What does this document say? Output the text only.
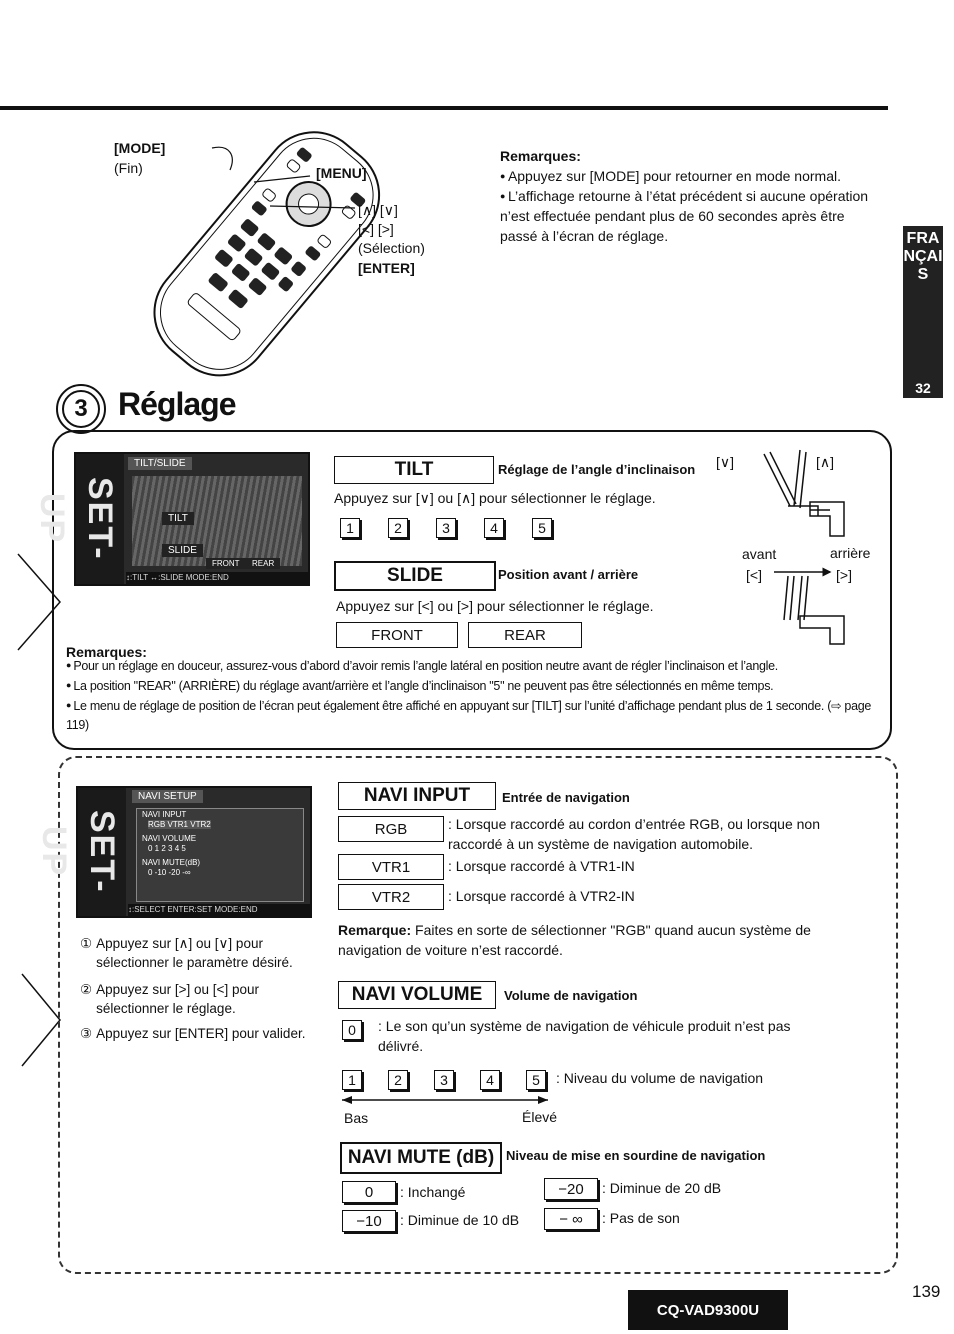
[MODE]
(Fin)	[MENU]
[∧] [∨]
[<] [>]
(Sélection)
[ENTER]
Remarques:
● Appuyez sur [MODE] pour retourner en mode normal.
● L’affichage retourne à l’état précédent si aucune opération n’est effectuée pendant plus de 60 secondes après être passé à l’écran de réglage.	FRANÇAIS
32
3 Réglage
SET-UP
TILT/SLIDE
TILT
SLIDE
FRONT	REAR
↕:TILT ↔:SLIDE MODE:END
TILT	Réglage de l’angle d’inclinaison [∨]	[∧]
Appuyez sur [∨] ou [∧] pour sélectionner le réglage.
1	2	3	4	5
SLIDE	Position avant / arrière
avant	arrière
[<]	[>]
Appuyez sur [<] ou [>] pour sélectionner le réglage.
FRONT	REAR
Remarques:
● Pour un réglage en douceur, assurez-vous d’abord d’avoir remis l’angle latéral en position neutre avant de régler l’inclinaison et l’angle.
● La position "REAR" (ARRIÈRE) du réglage avant/arrière et l’angle d’inclinaison "5" ne peuvent pas être sélectionnés en même temps.
● Le menu de réglage de position de l’écran peut également être affiché en appuyant sur [TILT] sur l’unité d’affichage pendant plus de 1 seconde. (⇨ page 119)
SET-UP
NAVI SETUP
NAVI INPUT
RGB VTR1 VTR2
NAVI VOLUME
0 1 2 3 4 5
NAVI MUTE(dB)
0 -10 -20 -∞
↕:SELECT ENTER:SET MODE:END
① Appuyez sur [∧] ou [∨] pour sélectionner le paramètre désiré.
② Appuyez sur [>] ou [<] pour sélectionner le réglage.
③ Appuyez sur [ENTER] pour valider.
NAVI INPUT	Entrée de navigation
RGB	: Lorsque raccordé au cordon d’entrée RGB, ou lorsque non raccordé à un système de navigation automobile.
VTR1	: Lorsque raccordé à VTR1-IN
VTR2	: Lorsque raccordé à VTR2-IN
Remarque: Faites en sorte de sélectionner "RGB" quand aucun système de navigation de voiture n’est raccordé.
NAVI VOLUME	Volume de navigation
0	: Le son qu’un système de navigation de véhicule produit n’est pas délivré.
1	2	3	4	5	: Niveau du volume de navigation
Bas	Élevé
NAVI MUTE (dB) Niveau de mise en sourdine de navigation
0	: Inchangé	−20	: Diminue de 20 dB
−10	: Diminue de 10 dB	− ∞	: Pas de son
139
CQ-VAD9300U
